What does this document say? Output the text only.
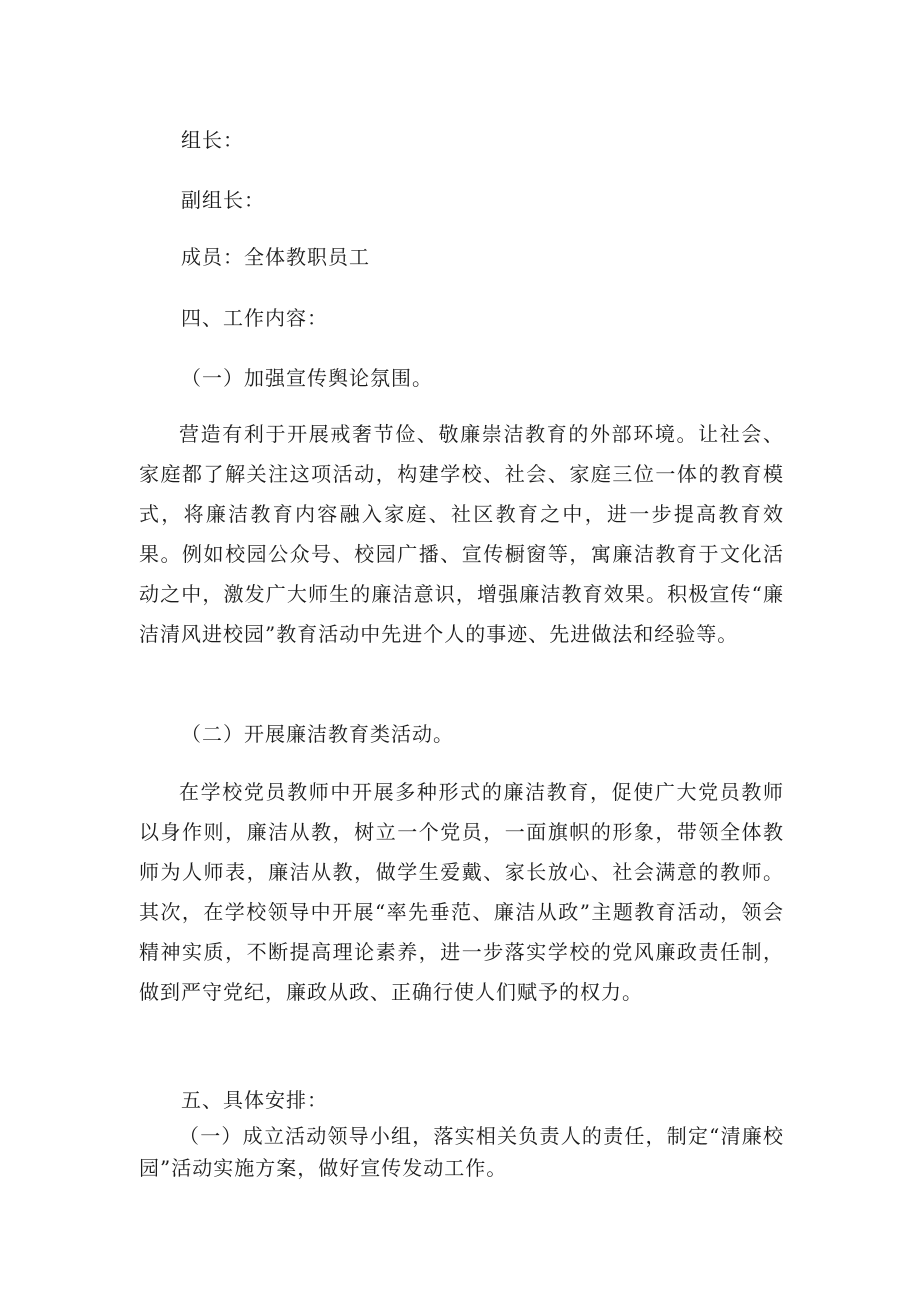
组长：
副组长：
成员：全体教职员工
四、工作内容：
（一）加强宣传舆论氛围。
营造有利于开展戒奢节俭、敬廉崇洁教育的外部环境。让社会、家庭都了解关注这项活动，构建学校、社会、家庭三位一体的教育模式，将廉洁教育内容融入家庭、社区教育之中，进一步提高教育效果。例如校园公众号、校园广播、宣传橱窗等，寓廉洁教育于文化活动之中，激发广大师生的廉洁意识，增强廉洁教育效果。积极宣传“廉洁清风进校园”教育活动中先进个人的事迹、先进做法和经验等。
（二）开展廉洁教育类活动。
在学校党员教师中开展多种形式的廉洁教育，促使广大党员教师以身作则，廉洁从教，树立一个党员，一面旗帜的形象，带领全体教师为人师表，廉洁从教，做学生爱戴、家长放心、社会满意的教师。其次，在学校领导中开展“率先垂范、廉洁从政”主题教育活动，领会精神实质，不断提高理论素养，进一步落实学校的党风廉政责任制，做到严守党纪，廉政从政、正确行使人们赋予的权力。
五、具体安排：
（一）成立活动领导小组，落实相关负责人的责任，制定“清廉校园”活动实施方案，做好宣传发动工作。
